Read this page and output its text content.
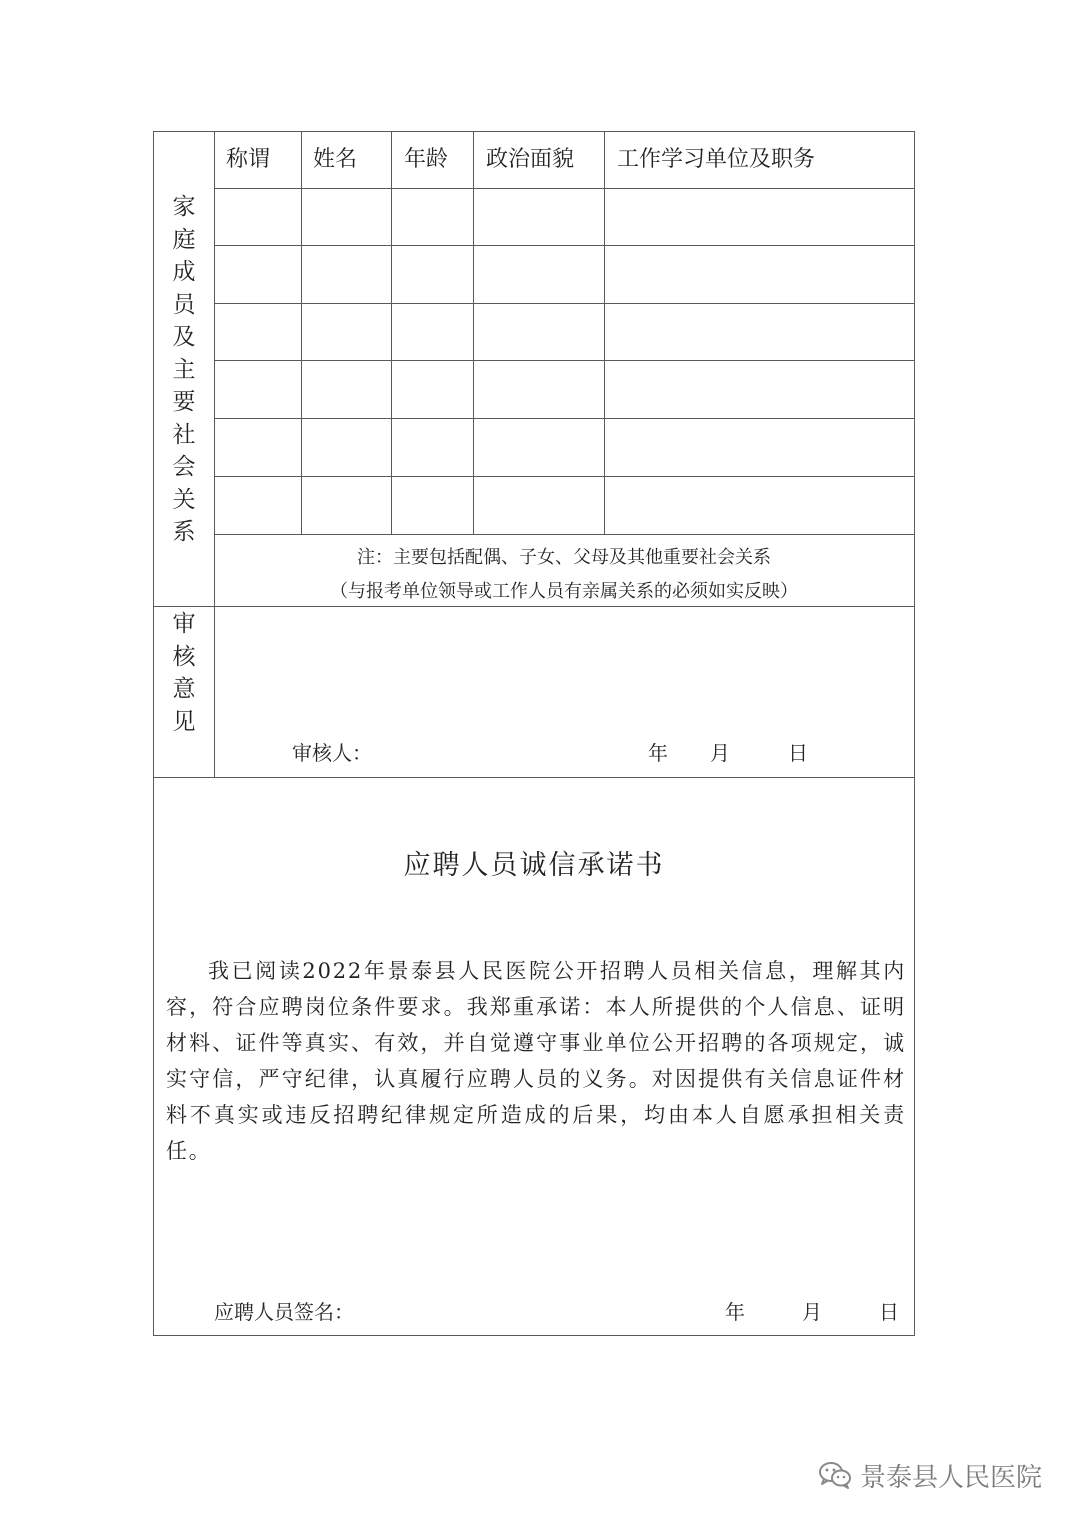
家庭成员及主要社会关系
审核意见
称谓 姓名 年龄 政治面貌 工作学习单位及职务
注：主要包括配偶、子女、父母及其他重要社会关系
（与报考单位领导或工作人员有亲属关系的必须如实反映）
审核人：	年 月	日
应聘人员诚信承诺书
我已阅读2022年景泰县人民医院公开招聘人员相关信息，理解其内容，符合应聘岗位条件要求。我郑重承诺：本人所提供的个人信息、证明材料、证件等真实、有效，并自觉遵守事业单位公开招聘的各项规定，诚实守信，严守纪律，认真履行应聘人员的义务。对因提供有关信息证件材料不真实或违反招聘纪律规定所造成的后果，均由本人自愿承担相关责任。
应聘人员签名：	年	月	日
景泰县人民医院
